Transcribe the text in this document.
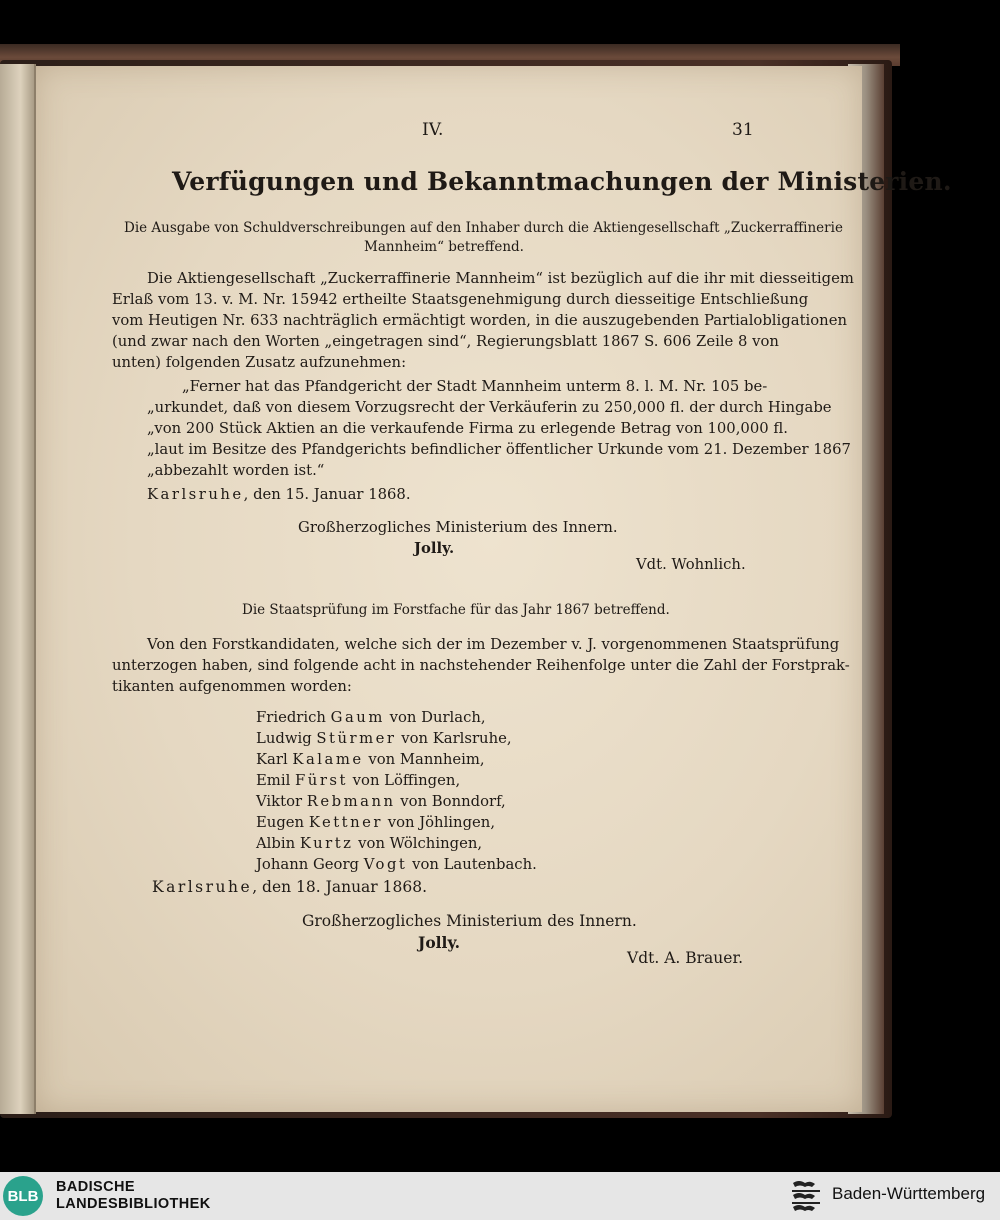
IV.	31
Verfügungen und Bekanntmachungen der Ministerien.
Die Ausgabe von Schuldverschreibungen auf den Inhaber durch die Aktiengesellschaft „Zuckerraffinerie
Mannheim“ betreffend.
Die Aktiengesellschaft „Zuckerraffinerie Mannheim“ ist bezüglich auf die ihr mit diesseitigem
Erlaß vom 13. v. M. Nr. 15942 ertheilte Staatsgenehmigung durch diesseitige Entschließung
vom Heutigen Nr. 633 nachträglich ermächtigt worden, in die auszugebenden Partialobligationen
(und zwar nach den Worten „eingetragen sind“, Regierungsblatt 1867 S. 606 Zeile 8 von
unten) folgenden Zusatz aufzunehmen:
„Ferner hat das Pfandgericht der Stadt Mannheim unterm 8. l. M. Nr. 105 be-
„urkundet, daß von diesem Vorzugsrecht der Verkäuferin zu 250,000 fl. der durch Hingabe
„von 200 Stück Aktien an die verkaufende Firma zu erlegende Betrag von 100,000 fl.
„laut im Besitze des Pfandgerichts befindlicher öffentlicher Urkunde vom 21. Dezember 1867
„abbezahlt worden ist.“
Karlsruhe, den 15. Januar 1868.
Großherzogliches Ministerium des Innern.
Jolly.
Vdt. Wohnlich.
Die Staatsprüfung im Forstfache für das Jahr 1867 betreffend.
Von den Forstkandidaten, welche sich der im Dezember v. J. vorgenommenen Staatsprüfung
unterzogen haben, sind folgende acht in nachstehender Reihenfolge unter die Zahl der Forstprak-
tikanten aufgenommen worden:
Friedrich Gaum von Durlach,
Ludwig Stürmer von Karlsruhe,
Karl Kalame von Mannheim,
Emil Fürst von Löffingen,
Viktor Rebmann von Bonndorf,
Eugen Kettner von Jöhlingen,
Albin Kurtz von Wölchingen,
Johann Georg Vogt von Lautenbach.
Karlsruhe, den 18. Januar 1868.
Großherzogliches Ministerium des Innern.
Jolly.
Vdt. A. Brauer.
BLB
BADISCHE
LANDESBIBLIOTHEK
Baden-Württemberg
